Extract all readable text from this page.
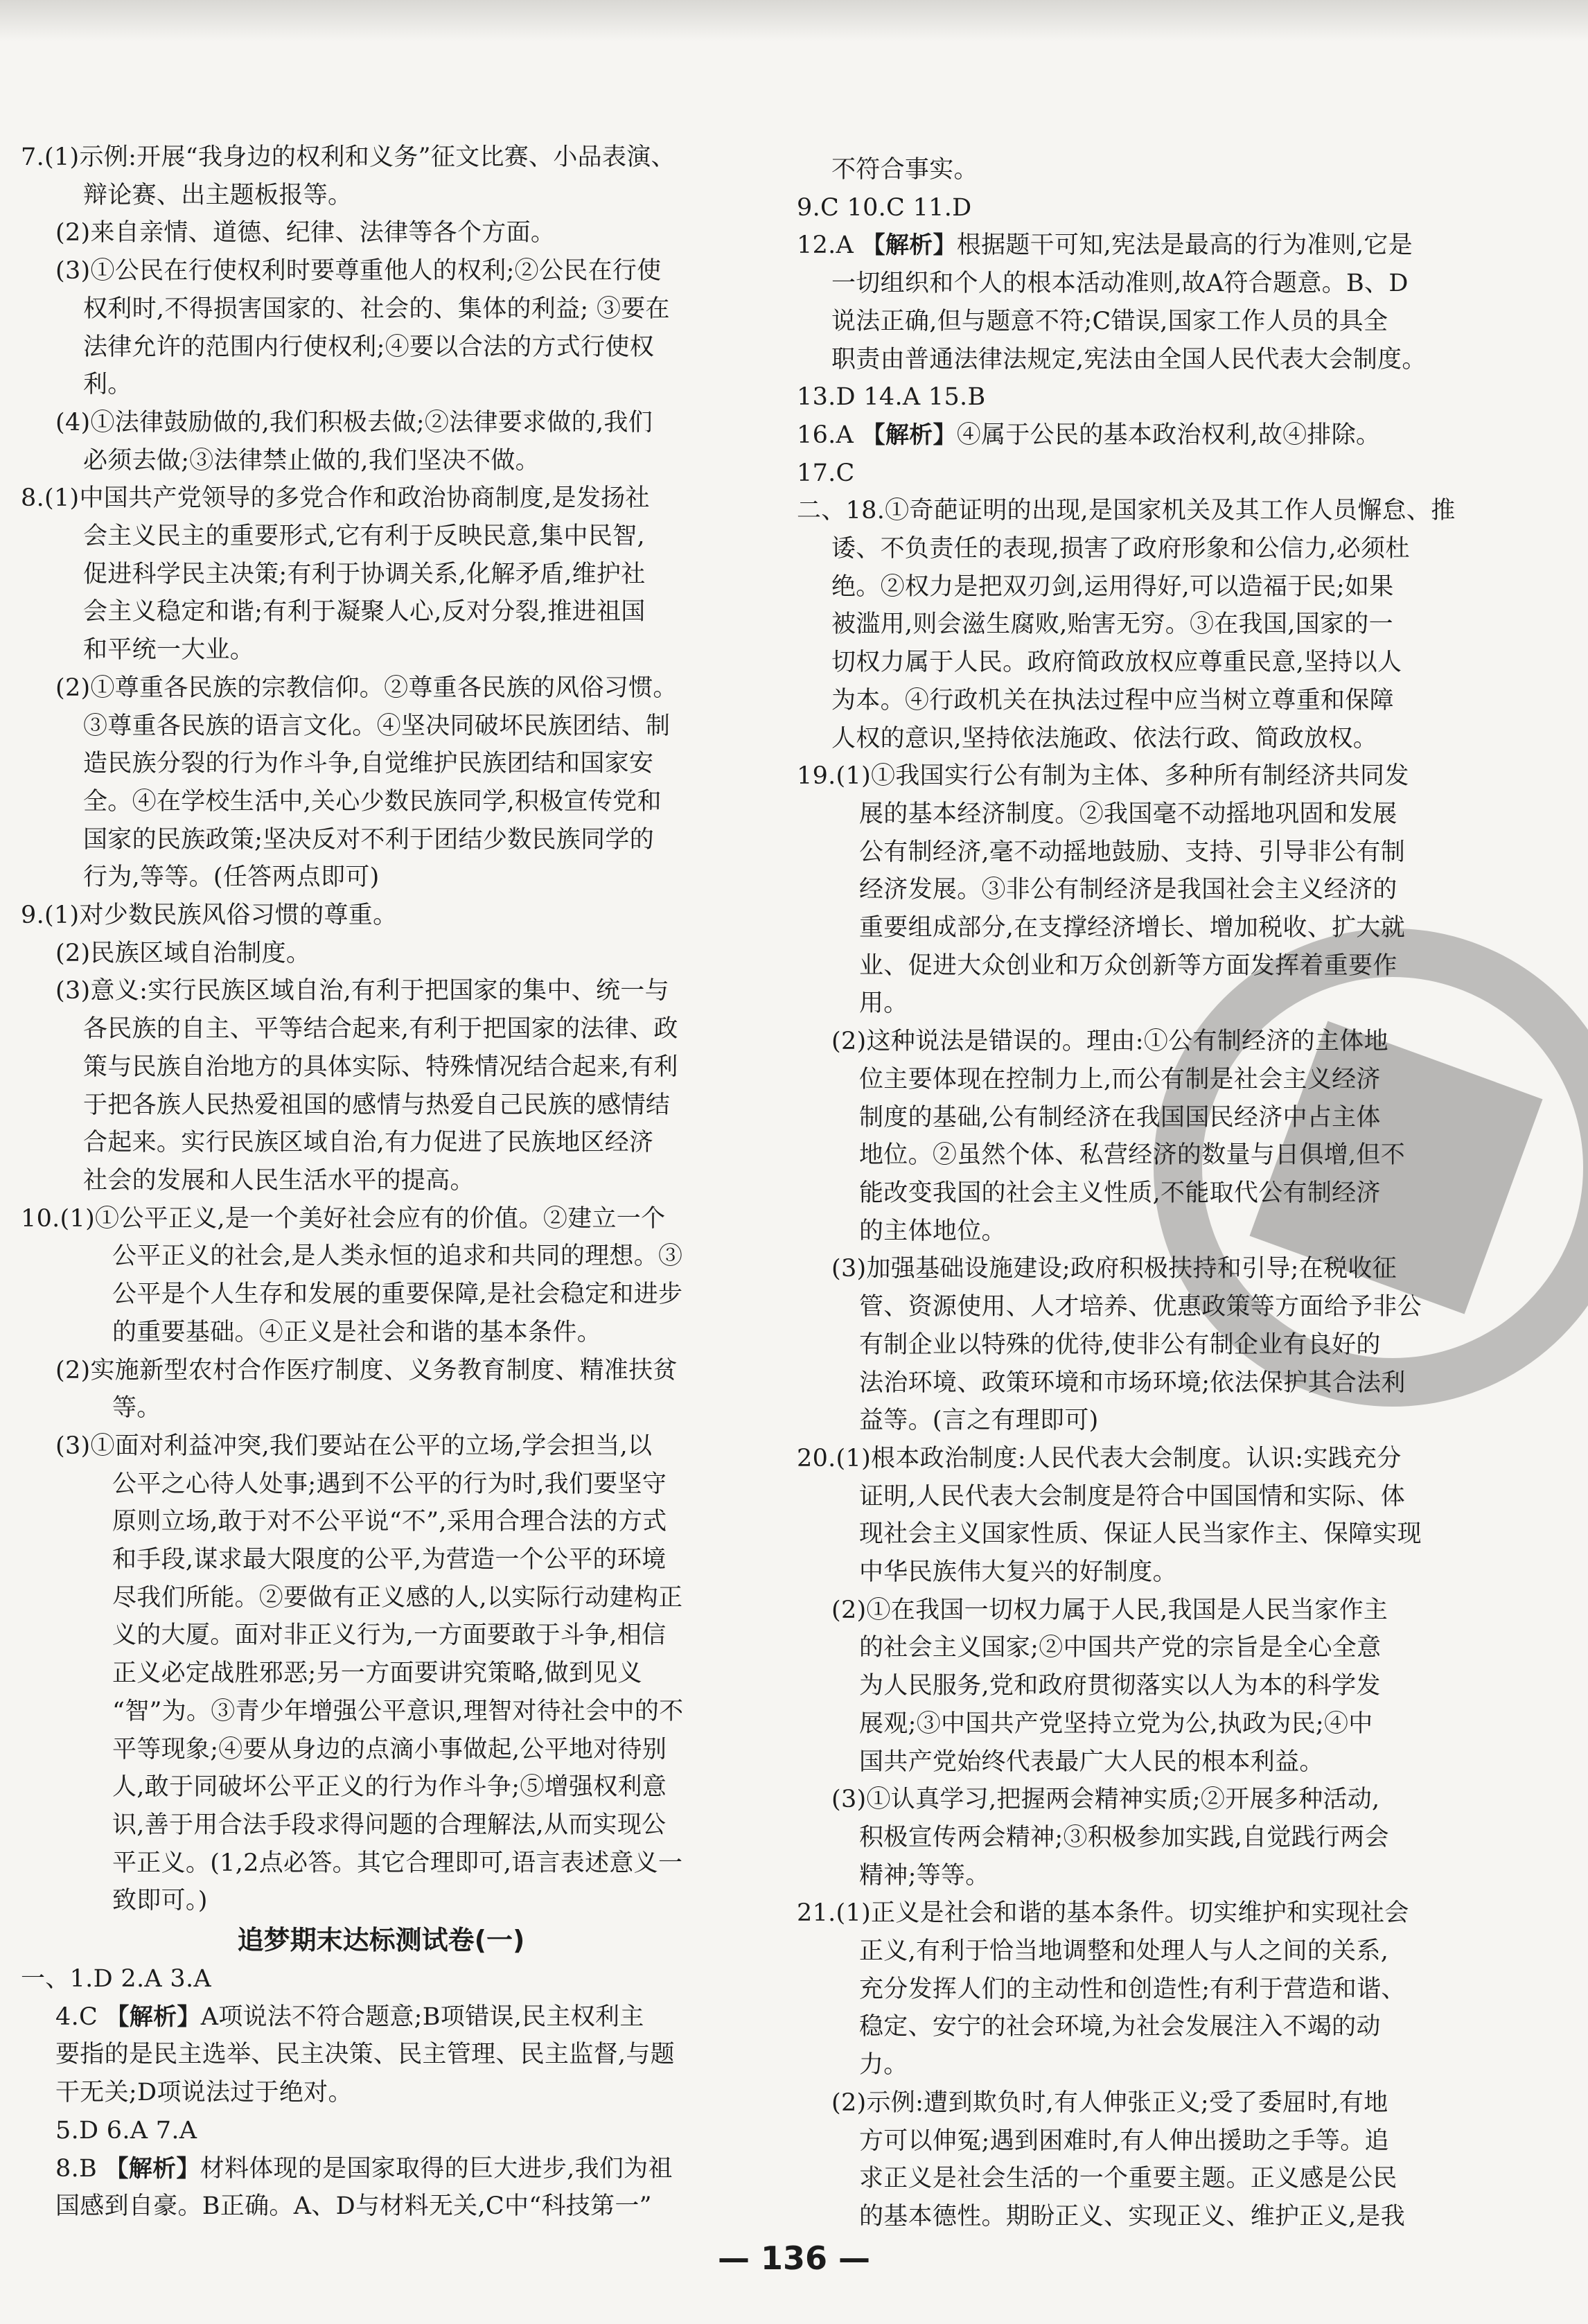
7.(1)示例:开展“我身边的权利和义务”征文比赛、小品表演、
辩论赛、出主题板报等。
(2)来自亲情、道德、纪律、法律等各个方面。
(3)①公民在行使权利时要尊重他人的权利;②公民在行使
权利时,不得损害国家的、社会的、集体的利益; ③要在
法律允许的范围内行使权利;④要以合法的方式行使权
利。
(4)①法律鼓励做的,我们积极去做;②法律要求做的,我们
必须去做;③法律禁止做的,我们坚决不做。
8.(1)中国共产党领导的多党合作和政治协商制度,是发扬社
会主义民主的重要形式,它有利于反映民意,集中民智,
促进科学民主决策;有利于协调关系,化解矛盾,维护社
会主义稳定和谐;有利于凝聚人心,反对分裂,推进祖国
和平统一大业。
(2)①尊重各民族的宗教信仰。②尊重各民族的风俗习惯。
③尊重各民族的语言文化。④坚决同破坏民族团结、制
造民族分裂的行为作斗争,自觉维护民族团结和国家安
全。④在学校生活中,关心少数民族同学,积极宣传党和
国家的民族政策;坚决反对不利于团结少数民族同学的
行为,等等。(任答两点即可)
9.(1)对少数民族风俗习惯的尊重。
(2)民族区域自治制度。
(3)意义:实行民族区域自治,有利于把国家的集中、统一与
各民族的自主、平等结合起来,有利于把国家的法律、政
策与民族自治地方的具体实际、特殊情况结合起来,有利
于把各族人民热爱祖国的感情与热爱自己民族的感情结
合起来。实行民族区域自治,有力促进了民族地区经济
社会的发展和人民生活水平的提高。
10.(1)①公平正义,是一个美好社会应有的价值。②建立一个
公平正义的社会,是人类永恒的追求和共同的理想。③
公平是个人生存和发展的重要保障,是社会稳定和进步
的重要基础。④正义是社会和谐的基本条件。
(2)实施新型农村合作医疗制度、义务教育制度、精准扶贫
等。
(3)①面对利益冲突,我们要站在公平的立场,学会担当,以
公平之心待人处事;遇到不公平的行为时,我们要坚守
原则立场,敢于对不公平说“不”,采用合理合法的方式
和手段,谋求最大限度的公平,为营造一个公平的环境
尽我们所能。②要做有正义感的人,以实际行动建构正
义的大厦。面对非正义行为,一方面要敢于斗争,相信
正义必定战胜邪恶;另一方面要讲究策略,做到见义
“智”为。③青少年增强公平意识,理智对待社会中的不
平等现象;④要从身边的点滴小事做起,公平地对待别
人,敢于同破坏公平正义的行为作斗争;⑤增强权利意
识,善于用合法手段求得问题的合理解法,从而实现公
平正义。(1,2点必答。其它合理即可,语言表述意义一
致即可。)
追梦期末达标测试卷(一)
一、1.D 2.A 3.A
4.C 【解析】A项说法不符合题意;B项错误,民主权利主
要指的是民主选举、民主决策、民主管理、民主监督,与题
干无关;D项说法过于绝对。
5.D 6.A 7.A
8.B 【解析】材料体现的是国家取得的巨大进步,我们为祖
国感到自豪。B正确。A、D与材料无关,C中“科技第一”
不符合事实。
9.C 10.C 11.D
12.A 【解析】根据题干可知,宪法是最高的行为准则,它是
一切组织和个人的根本活动准则,故A符合题意。B、D
说法正确,但与题意不符;C错误,国家工作人员的具全
职责由普通法律法规定,宪法由全国人民代表大会制度。
13.D 14.A 15.B
16.A 【解析】④属于公民的基本政治权利,故④排除。
17.C
二、18.①奇葩证明的出现,是国家机关及其工作人员懈怠、推
诿、不负责任的表现,损害了政府形象和公信力,必须杜
绝。②权力是把双刃剑,运用得好,可以造福于民;如果
被滥用,则会滋生腐败,贻害无穷。③在我国,国家的一
切权力属于人民。政府简政放权应尊重民意,坚持以人
为本。④行政机关在执法过程中应当树立尊重和保障
人权的意识,坚持依法施政、依法行政、简政放权。
19.(1)①我国实行公有制为主体、多种所有制经济共同发
展的基本经济制度。②我国毫不动摇地巩固和发展
公有制经济,毫不动摇地鼓励、支持、引导非公有制
经济发展。③非公有制经济是我国社会主义经济的
重要组成部分,在支撑经济增长、增加税收、扩大就
业、促进大众创业和万众创新等方面发挥着重要作
用。
(2)这种说法是错误的。理由:①公有制经济的主体地
位主要体现在控制力上,而公有制是社会主义经济
制度的基础,公有制经济在我国国民经济中占主体
地位。②虽然个体、私营经济的数量与日俱增,但不
能改变我国的社会主义性质,不能取代公有制经济
的主体地位。
(3)加强基础设施建设;政府积极扶持和引导;在税收征
管、资源使用、人才培养、优惠政策等方面给予非公
有制企业以特殊的优待,使非公有制企业有良好的
法治环境、政策环境和市场环境;依法保护其合法利
益等。(言之有理即可)
20.(1)根本政治制度:人民代表大会制度。认识:实践充分
证明,人民代表大会制度是符合中国国情和实际、体
现社会主义国家性质、保证人民当家作主、保障实现
中华民族伟大复兴的好制度。
(2)①在我国一切权力属于人民,我国是人民当家作主
的社会主义国家;②中国共产党的宗旨是全心全意
为人民服务,党和政府贯彻落实以人为本的科学发
展观;③中国共产党坚持立党为公,执政为民;④中
国共产党始终代表最广大人民的根本利益。
(3)①认真学习,把握两会精神实质;②开展多种活动,
积极宣传两会精神;③积极参加实践,自觉践行两会
精神;等等。
21.(1)正义是社会和谐的基本条件。切实维护和实现社会
正义,有利于恰当地调整和处理人与人之间的关系,
充分发挥人们的主动性和创造性;有利于营造和谐、
稳定、安宁的社会环境,为社会发展注入不竭的动
力。
(2)示例:遭到欺负时,有人伸张正义;受了委屈时,有地
方可以伸冤;遇到困难时,有人伸出援助之手等。追
求正义是社会生活的一个重要主题。正义感是公民
的基本德性。期盼正义、实现正义、维护正义,是我
— 136 —
